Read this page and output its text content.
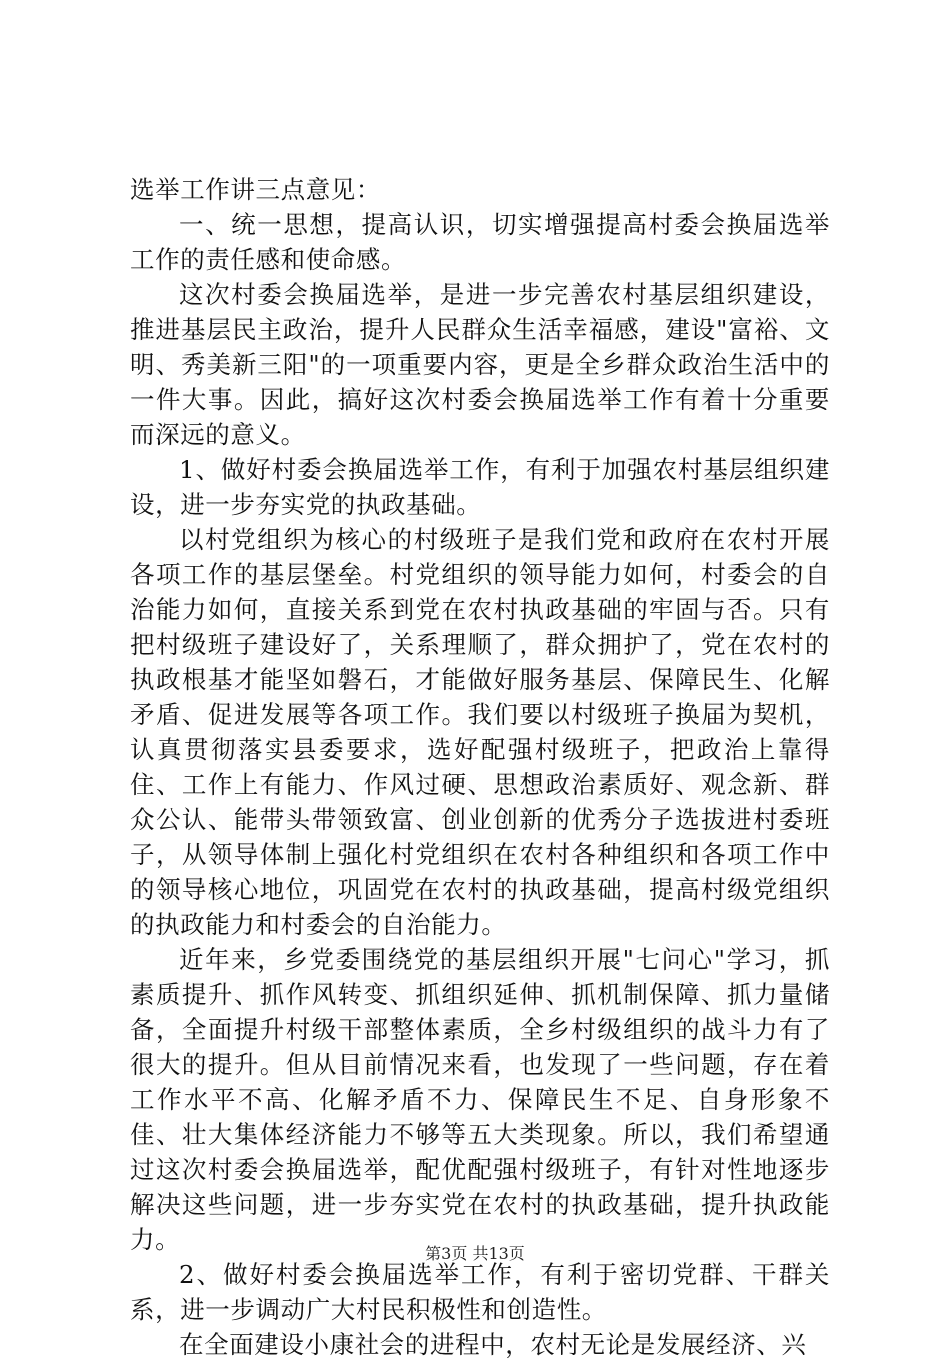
选举工作讲三点意见：

一、统一思想，提高认识，切实增强提高村委会换届选举工作的责任感和使命感。

这次村委会换届选举，是进一步完善农村基层组织建设，推进基层民主政治，提升人民群众生活幸福感，建设"富裕、文明、秀美新三阳"的一项重要内容，更是全乡群众政治生活中的一件大事。因此，搞好这次村委会换届选举工作有着十分重要而深远的意义。

1、做好村委会换届选举工作，有利于加强农村基层组织建设，进一步夯实党的执政基础。

以村党组织为核心的村级班子是我们党和政府在农村开展各项工作的基层堡垒。村党组织的领导能力如何，村委会的自治能力如何，直接关系到党在农村执政基础的牢固与否。只有把村级班子建设好了，关系理顺了，群众拥护了，党在农村的执政根基才能坚如磐石，才能做好服务基层、保障民生、化解矛盾、促进发展等各项工作。我们要以村级班子换届为契机，认真贯彻落实县委要求，选好配强村级班子，把政治上靠得住、工作上有能力、作风过硬、思想政治素质好、观念新、群众公认、能带头带领致富、创业创新的优秀分子选拔进村委班子，从领导体制上强化村党组织在农村各种组织和各项工作中的领导核心地位，巩固党在农村的执政基础，提高村级党组织的执政能力和村委会的自治能力。

近年来，乡党委围绕党的基层组织开展"七问心"学习，抓素质提升、抓作风转变、抓组织延伸、抓机制保障、抓力量储备，全面提升村级干部整体素质，全乡村级组织的战斗力有了很大的提升。但从目前情况来看，也发现了一些问题，存在着工作水平不高、化解矛盾不力、保障民生不足、自身形象不佳、壮大集体经济能力不够等五大类现象。所以，我们希望通过这次村委会换届选举，配优配强村级班子，有针对性地逐步解决这些问题，进一步夯实党在农村的执政基础，提升执政能力。

2、做好村委会换届选举工作，有利于密切党群、干群关系，进一步调动广大村民积极性和创造性。

在全面建设小康社会的进程中，农村无论是发展经济、兴

第3页 共13页
